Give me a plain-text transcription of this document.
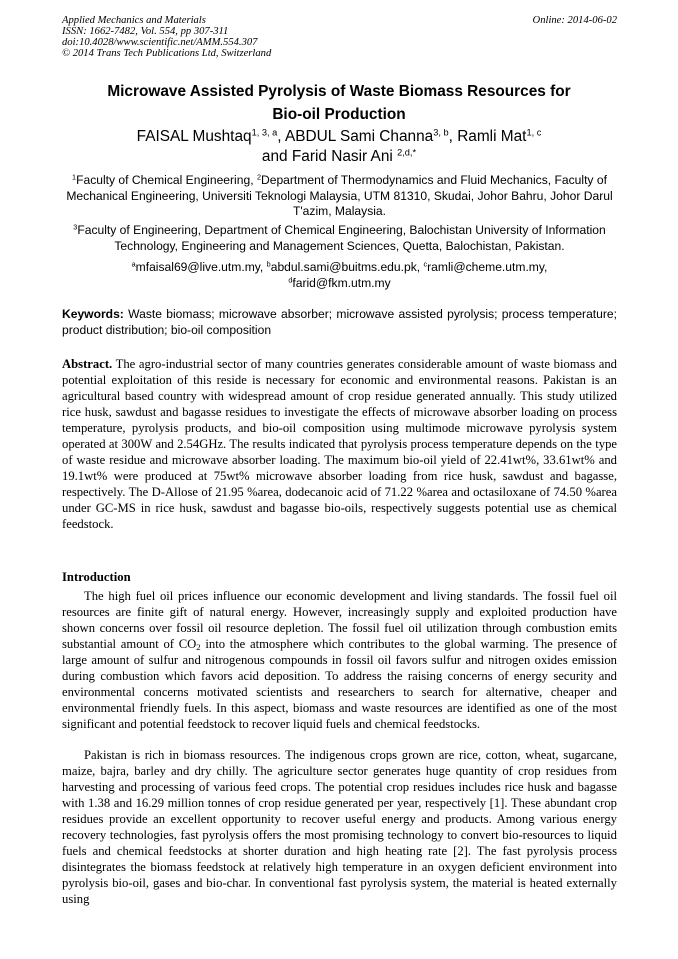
Applied Mechanics and Materials
ISSN: 1662-7482, Vol. 554, pp 307-311
doi:10.4028/www.scientific.net/AMM.554.307
© 2014 Trans Tech Publications Ltd, Switzerland
Online: 2014-06-02
Microwave Assisted Pyrolysis of Waste Biomass Resources for
Bio-oil Production
FAISAL Mushtaq$^{1, 3, a}$, ABDUL Sami Channa$^{3, b}$, Ramli Mat$^{1, c}$
and Farid Nasir Ani $^{2,d,*}$
$^1$Faculty of Chemical Engineering, $^2$Department of Thermodynamics and Fluid Mechanics, Faculty of Mechanical Engineering, Universiti Teknologi Malaysia, UTM 81310, Skudai, Johor Bahru, Johor Darul T'azim, Malaysia.
$^3$Faculty of Engineering, Department of Chemical Engineering, Balochistan University of Information Technology, Engineering and Management Sciences, Quetta, Balochistan, Pakistan.
$^a$mfaisal69@live.utm.my, $^b$abdul.sami@buitms.edu.pk, $^c$ramli@cheme.utm.my,
$^d$farid@fkm.utm.my
Keywords: Waste biomass; microwave absorber; microwave assisted pyrolysis; process temperature; product distribution; bio-oil composition
Abstract. The agro-industrial sector of many countries generates considerable amount of waste biomass and potential exploitation of this reside is necessary for economic and environmental reasons. Pakistan is an agricultural based country with widespread amount of crop residue generated annually. This study utilized rice husk, sawdust and bagasse residues to investigate the effects of microwave absorber loading on process temperature, pyrolysis products, and bio-oil composition using multimode microwave pyrolysis system operated at 300W and 2.54GHz. The results indicated that pyrolysis process temperature depends on the type of waste residue and microwave absorber loading. The maximum bio-oil yield of 22.41wt%, 33.61wt% and 19.1wt% were produced at 75wt% microwave absorber loading from rice husk, sawdust and bagasse, respectively. The D-Allose of 21.95 %area, dodecanoic acid of 71.22 %area and octasiloxane of 74.50 %area under GC-MS in rice husk, sawdust and bagasse bio-oils, respectively suggests potential use as chemical feedstock.
Introduction
The high fuel oil prices influence our economic development and living standards. The fossil fuel oil resources are finite gift of natural energy. However, increasingly supply and exploited production have shown concerns over fossil oil resource depletion. The fossil fuel oil utilization through combustion emits substantial amount of $CO_2$ into the atmosphere which contributes to the global warming. The presence of large amount of sulfur and nitrogenous compounds in fossil oil favors sulfur and nitrogen oxides emission during combustion which favors acid deposition. To address the raising concerns of energy security and environmental concerns motivated scientists and researchers to search for alternative, cheaper and environmental friendly fuels. In this aspect, biomass and waste resources are identified as one of the most significant and potential feedstock to recover liquid fuels and chemical feedstocks.
Pakistan is rich in biomass resources. The indigenous crops grown are rice, cotton, wheat, sugarcane, maize, bajra, barley and dry chilly. The agriculture sector generates huge quantity of crop residues from harvesting and processing of various feed crops. The potential crop residues includes rice husk and bagasse with 1.38 and 16.29 million tonnes of crop residue generated per year, respectively [1]. These abundant crop residues provide an excellent opportunity to recover useful energy and products. Among various energy recovery technologies, fast pyrolysis offers the most promising technology to convert bio-resources to liquid fuels and chemical feedstocks at shorter duration and high heating rate [2]. The fast pyrolysis process disintegrates the biomass feedstock at relatively high temperature in an oxygen deficient environment into pyrolysis bio-oil, gases and bio-char. In conventional fast pyrolysis system, the material is heated externally using
